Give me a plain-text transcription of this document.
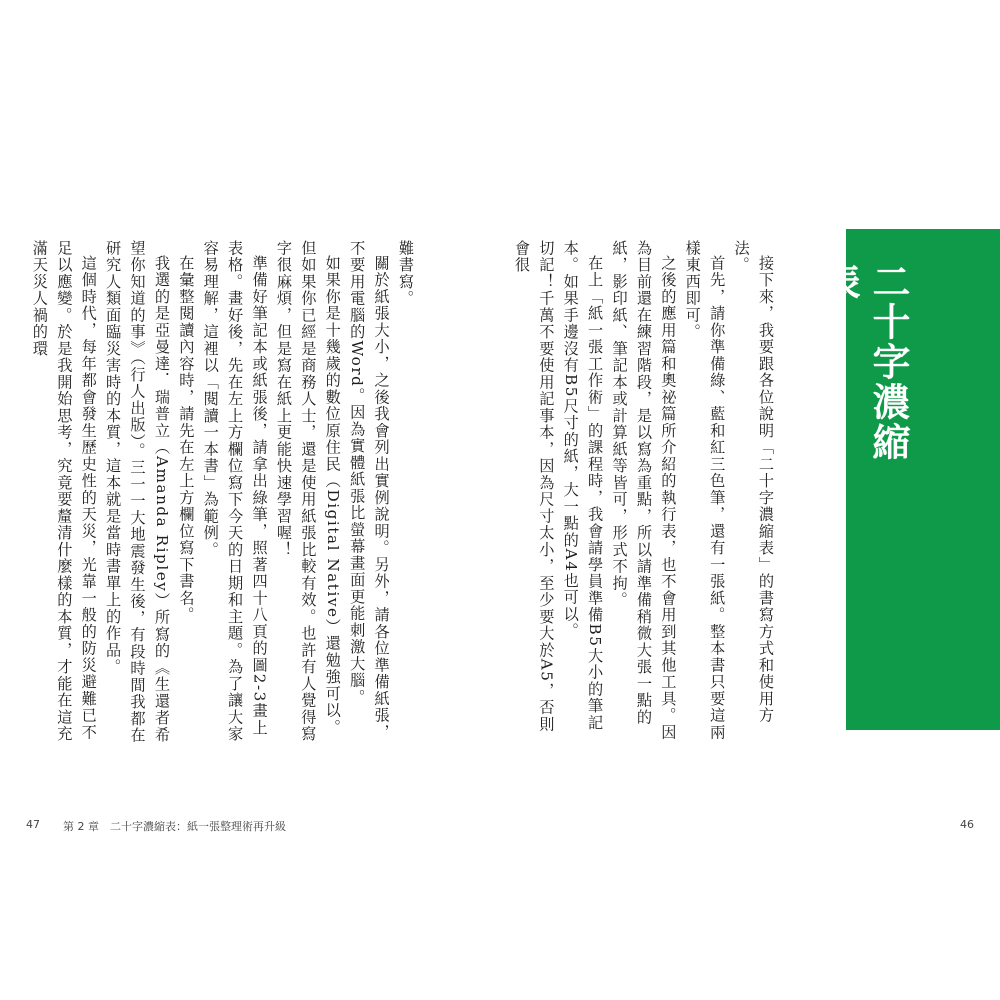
二十字濃縮表

接下來，我要跟各位說明「二十字濃縮表」的書寫方式和使用方法。

首先，請你準備綠、藍和紅三色筆，還有一張紙。整本書只要這兩樣東西即可。

之後的應用篇和奧祕篇所介紹的執行表，也不會用到其他工具。因為目前還在練習階段，是以寫為重點，所以請準備稍微大張一點的紙，影印紙、筆記本或計算紙等皆可，形式不拘。

在上「紙一張工作術」的課程時，我會請學員準備B5大小的筆記本。如果手邊沒有B5尺寸的紙，大一點的A4也可以。

切記！千萬不要使用記事本，因為尺寸太小，至少要大於A5，否則會很

難書寫。

關於紙張大小，之後我會列出實例說明。另外，請各位準備紙張，不要用電腦的Word。因為實體紙張比螢幕畫面更能刺激大腦。

如果你是十幾歲的數位原住民（Digital Native）還勉強可以。但如果你已經是商務人士，還是使用紙張比較有效。也許有人覺得寫字很麻煩，但是寫在紙上更能快速學習喔！

準備好筆記本或紙張後，請拿出綠筆，照著四十八頁的圖2-3畫上表格。畫好後，先在左上方欄位寫下今天的日期和主題。為了讓大家容易理解，這裡以「閱讀一本書」為範例。

在彙整閱讀內容時，請先在左上方欄位寫下書名。

我選的是亞曼達．瑞普立（Amanda Ripley）所寫的《生還者希望你知道的事》（行人出版）。三一一大地震發生後，有段時間我都在研究人類面臨災害時的本質，這本就是當時書單上的作品。

這個時代，每年都會發生歷史性的天災，光靠一般的防災避難已不足以應變。於是我開始思考，究竟要釐清什麼樣的本質，才能在這充滿天災人禍的環

47 第 2 章　二十字濃縮表：紙一張整理術再升級	46
